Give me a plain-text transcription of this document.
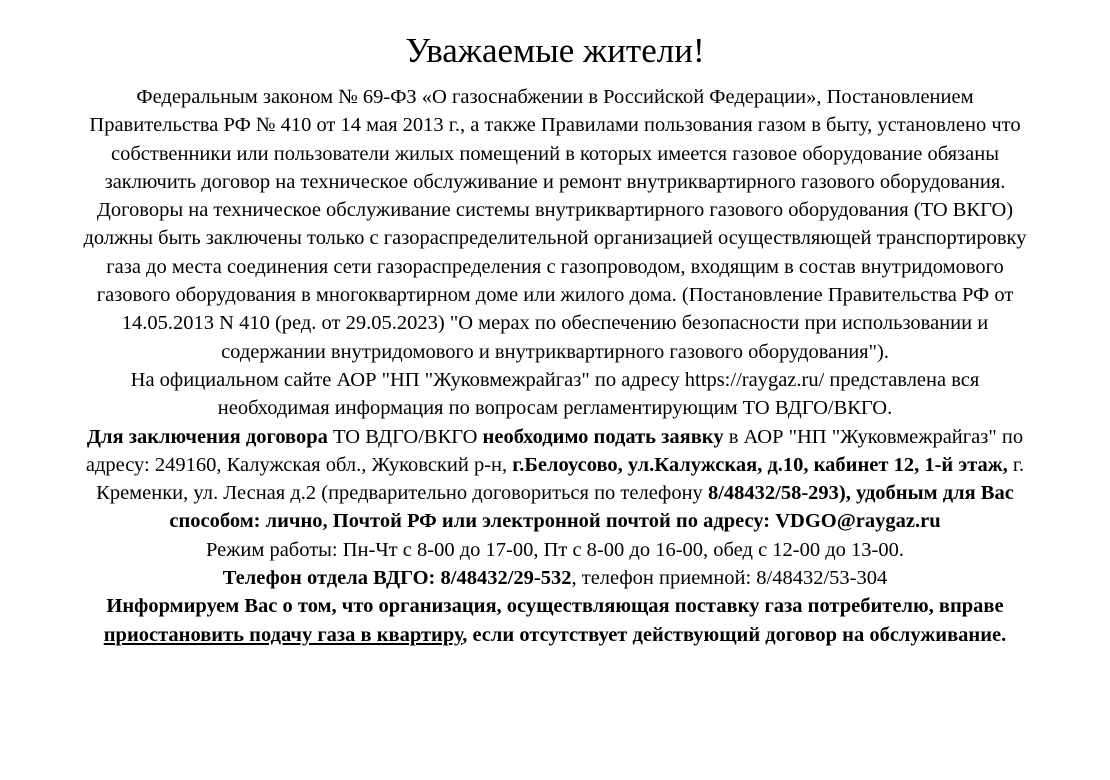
Уважаемые жители!
Федеральным законом № 69-ФЗ «О газоснабжении в Российской Федерации», Постановлением
Правительства РФ № 410 от 14 мая 2013 г., а также Правилами пользования газом в быту, установлено что
собственники или пользователи жилых помещений в которых имеется газовое оборудование обязаны
заключить договор на техническое обслуживание и ремонт внутриквартирного газового оборудования.
Договоры на техническое обслуживание системы внутриквартирного газового оборудования (ТО ВКГО)
должны быть заключены только с газораспределительной организацией осуществляющей транспортировку
газа до места соединения сети газораспределения с газопроводом, входящим в состав внутридомового
газового оборудования в многоквартирном доме или жилого дома. (Постановление Правительства РФ от
14.05.2013 N 410 (ред. от 29.05.2023) "О мерах по обеспечению безопасности при использовании и
содержании внутридомового и внутриквартирного газового оборудования").
На официальном сайте АОР "НП "Жуковмежрайгаз" по адресу https://raygaz.ru/ представлена вся
необходимая информация по вопросам регламентирующим ТО ВДГО/ВКГО.
Для заключения договора ТО ВДГО/ВКГО необходимо подать заявку в АОР "НП "Жуковмежрайгаз" по
адресу: 249160, Калужская обл., Жуковский р-н, г.Белоусово, ул.Калужская, д.10, кабинет 12, 1-й этаж, г.
Кременки, ул. Лесная д.2 (предварительно договориться по телефону 8/48432/58-293), удобным для Вас
способом: лично, Почтой РФ или электронной почтой по адресу: VDGO@raygaz.ru
Режим работы: Пн-Чт с 8-00 до 17-00, Пт с 8-00 до 16-00, обед с 12-00 до 13-00.
Телефон отдела ВДГО: 8/48432/29-532, телефон приемной: 8/48432/53-304
Информируем Вас о том, что организация, осуществляющая поставку газа потребителю, вправе
приостановить подачу газа в квартиру, если отсутствует действующий договор на обслуживание.
